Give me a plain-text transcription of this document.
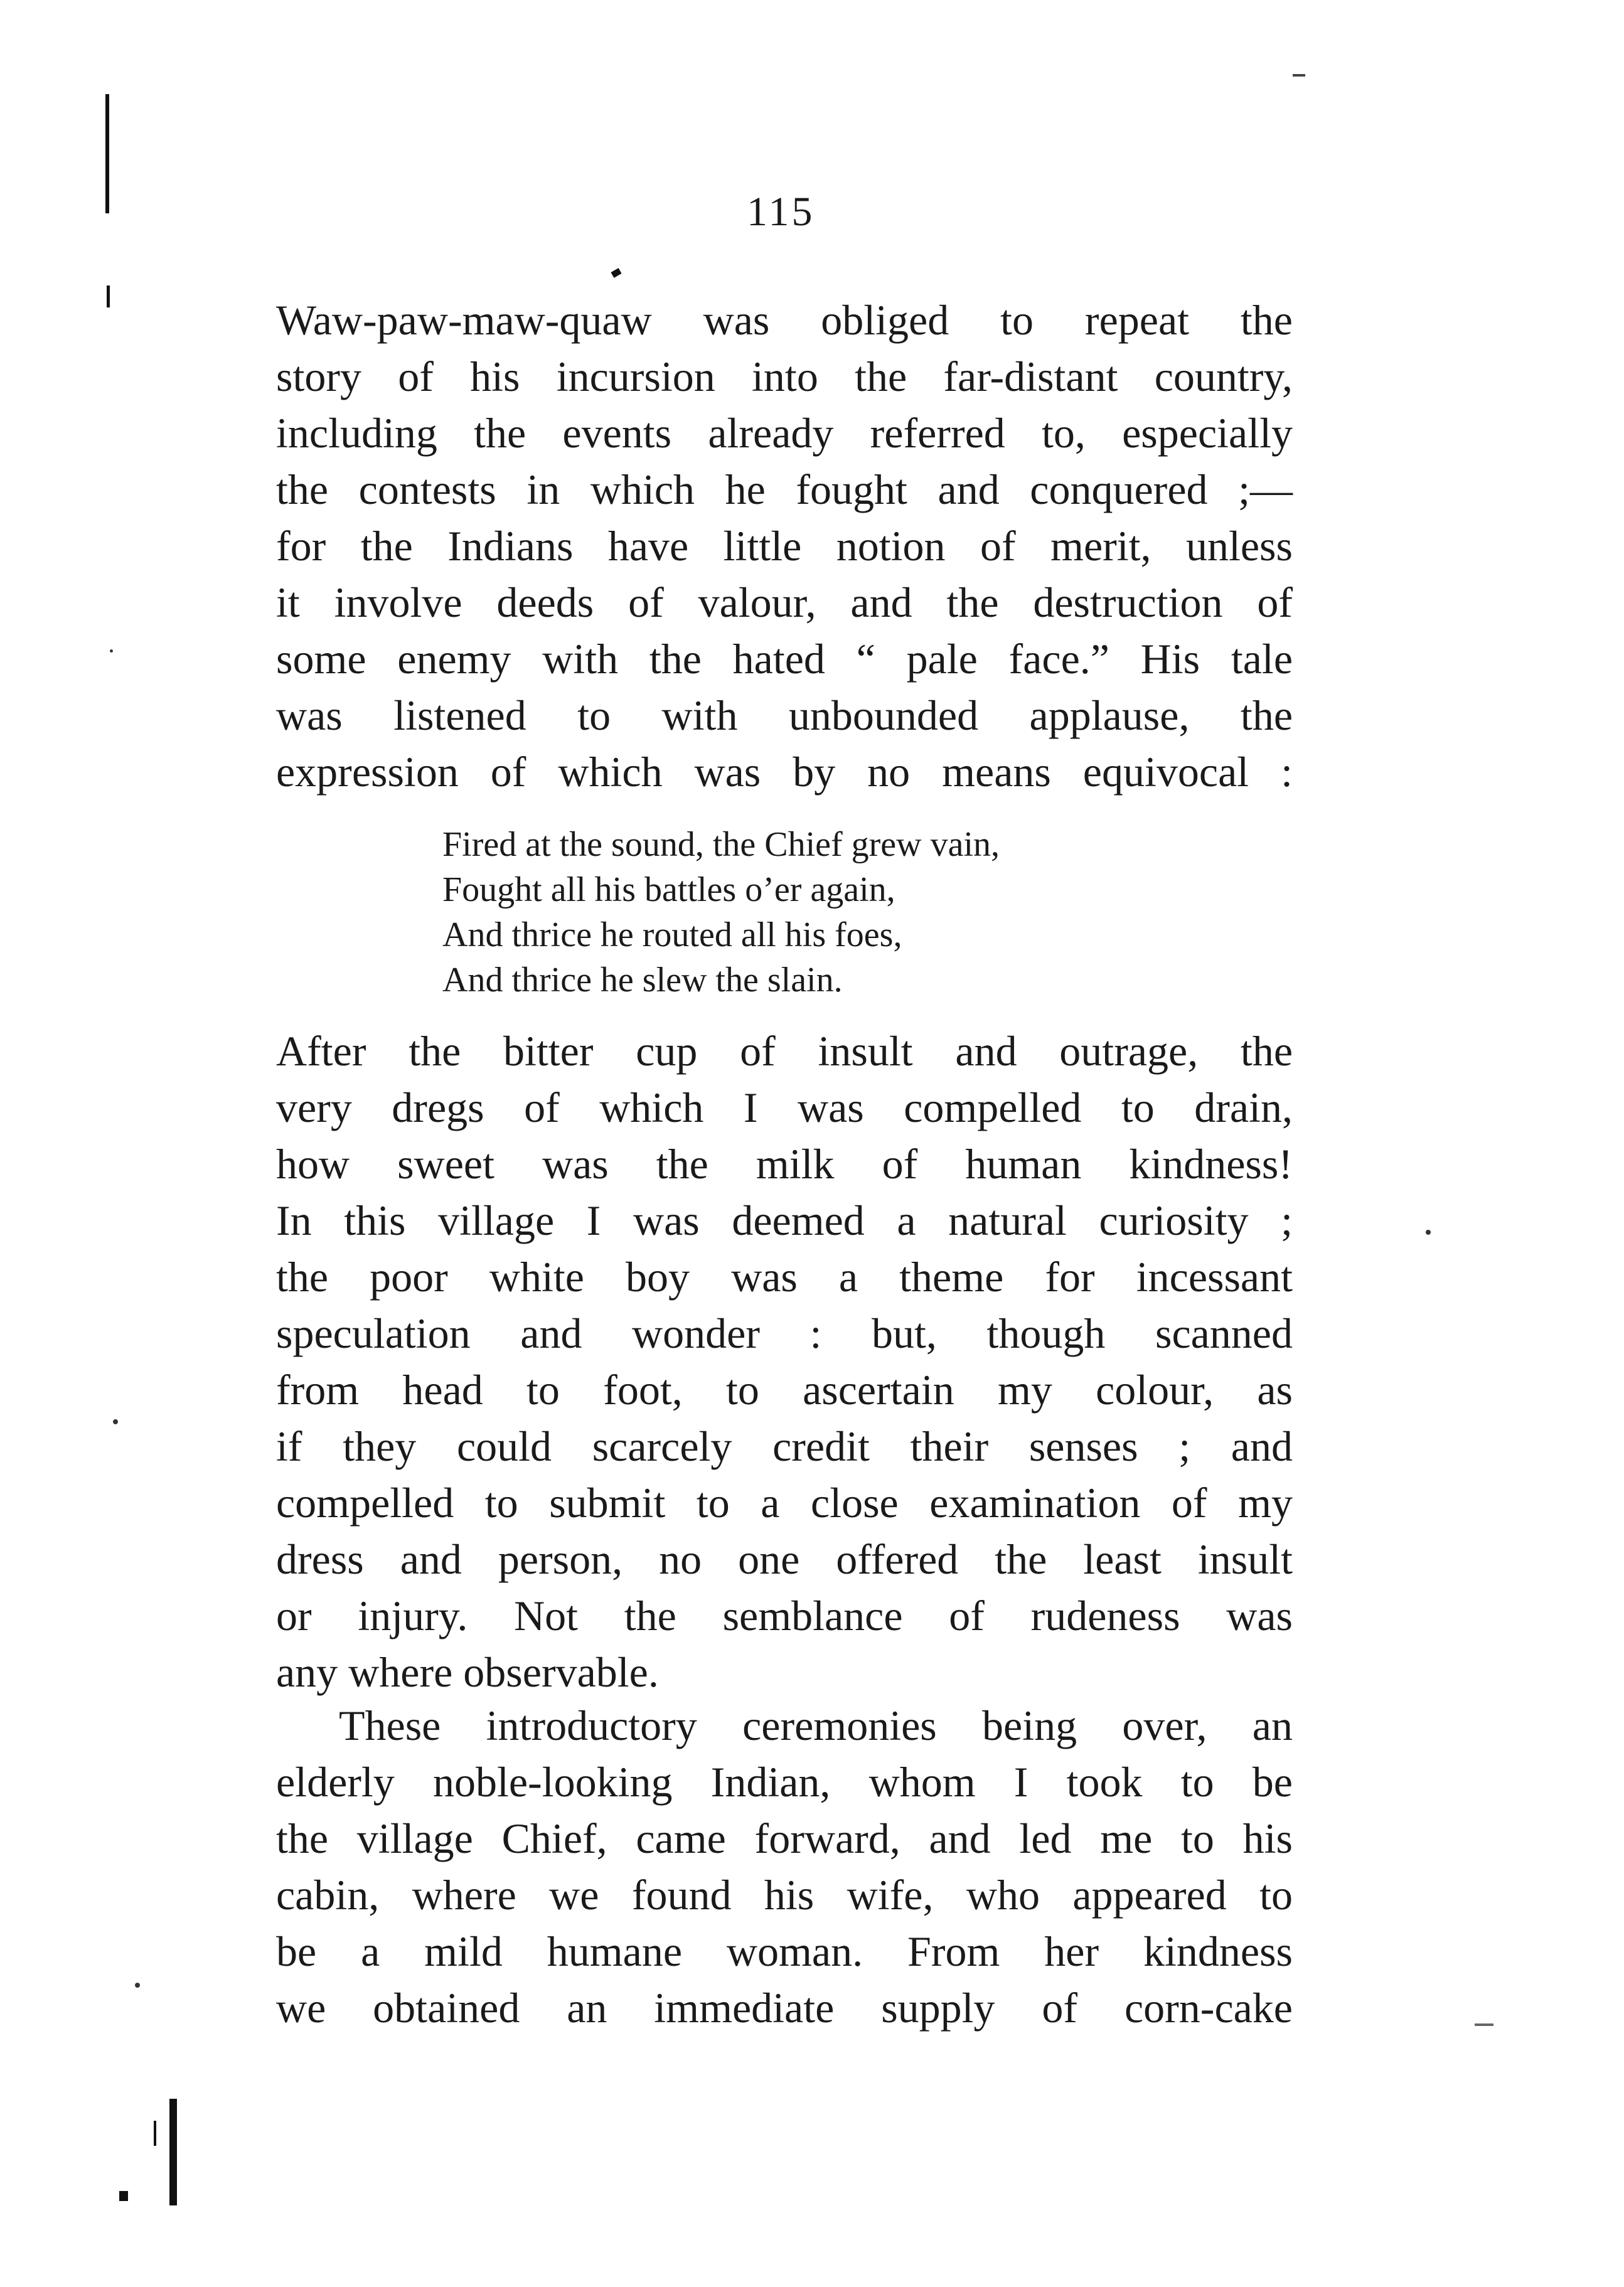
115
Waw-paw-maw-quaw was obliged to repeat the
story of his incursion into the far-distant country,
including the events already referred to, especially
the contests in which he fought and conquered ;—
for the Indians have little notion of merit, unless
it involve deeds of valour, and the destruction of
some enemy with the hated “ pale face.” His tale
was listened to with unbounded applause, the
expression of which was by no means equivocal :
Fired at the sound, the Chief grew vain,
Fought all his battles o’er again,
And thrice he routed all his foes,
And thrice he slew the slain.
After the bitter cup of insult and outrage, the
very dregs of which I was compelled to drain,
how sweet was the milk of human kindness!
In this village I was deemed a natural curiosity ;
the poor white boy was a theme for incessant
speculation and wonder : but, though scanned
from head to foot, to ascertain my colour, as
if they could scarcely credit their senses ; and
compelled to submit to a close examination of my
dress and person, no one offered the least insult
or injury. Not the semblance of rudeness was
any where observable.
These introductory ceremonies being over, an
elderly noble-looking Indian, whom I took to be
the village Chief, came forward, and led me to his
cabin, where we found his wife, who appeared to
be a mild humane woman. From her kindness
we obtained an immediate supply of corn-cake
